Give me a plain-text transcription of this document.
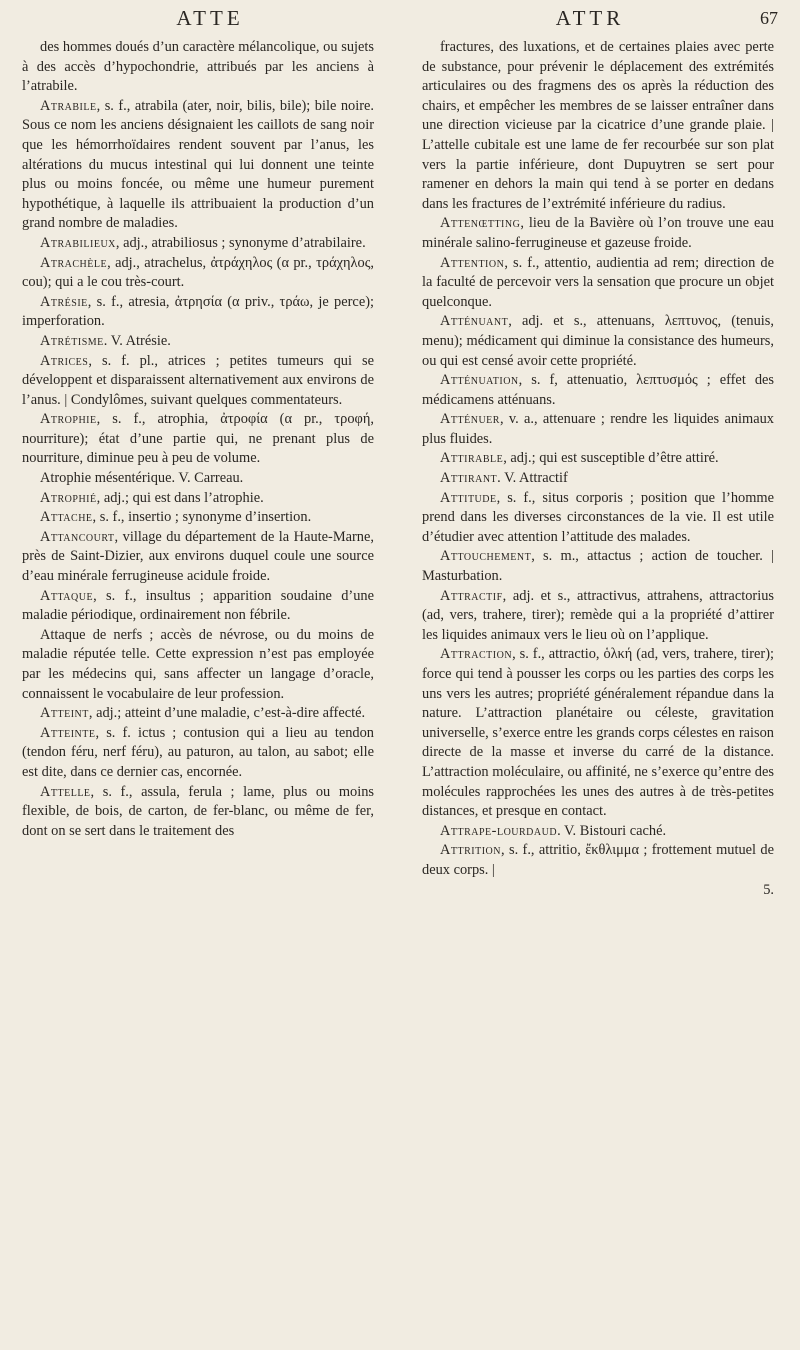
ATTE	ATTR	67

des hommes doués d’un caractère mélancolique, ou sujets à des accès d’hypochondrie, attribués par les anciens à l’atrabile.

Atrabile, s. f., atrabila (ater, noir, bilis, bile); bile noire. Sous ce nom les anciens désignaient les caillots de sang noir que les hémorrhoïdaires rendent souvent par l’anus, les altérations du mucus intestinal qui lui donnent une teinte plus ou moins foncée, ou même une humeur purement hypothétique, à laquelle ils attribuaient la production d’un grand nombre de maladies.

Atrabilieux, adj., atrabiliosus ; synonyme d’atrabilaire.

Atrachèle, adj., atrachelus, ἀτράχηλος (α pr., τράχηλος, cou); qui a le cou très-court.

Atrésie, s. f., atresia, ἀτρησία (α priv., τράω, je perce); imperforation.

Atrétisme. V. Atrésie.

Atrices, s. f. pl., atrices ; petites tumeurs qui se développent et disparaissent alternativement aux environs de l’anus. | Condylômes, suivant quelques commentateurs.

Atrophie, s. f., atrophia, ἀτροφία (α pr., τροφή, nourriture); état d’une partie qui, ne prenant plus de nourriture, diminue peu à peu de volume.

Atrophie mésentérique. V. Carreau.

Atrophié, adj.; qui est dans l’atrophie.

Attache, s. f., insertio ; synonyme d’insertion.

Attancourt, village du département de la Haute-Marne, près de Saint-Dizier, aux environs duquel coule une source d’eau minérale ferrugineuse acidule froide.

Attaque, s. f., insultus ; apparition soudaine d’une maladie périodique, ordinairement non fébrile.

Attaque de nerfs ; accès de névrose, ou du moins de maladie réputée telle. Cette expression n’est pas employée par les médecins qui, sans affecter un langage d’oracle, connaissent le vocabulaire de leur profession.

Atteint, adj.; atteint d’une maladie, c’est-à-dire affecté.

Atteinte, s. f. ictus ; contusion qui a lieu au tendon (tendon féru, nerf féru), au paturon, au talon, au sabot; elle est dite, dans ce dernier cas, encornée.

Attelle, s. f., assula, ferula ; lame, plus ou moins flexible, de bois, de carton, de fer-blanc, ou même de fer, dont on se sert dans le traitement des

fractures, des luxations, et de certaines plaies avec perte de substance, pour prévenir le déplacement des extrémités articulaires ou des fragmens des os après la réduction des chairs, et empêcher les membres de se laisser entraîner dans une direction vicieuse par la cicatrice d’une grande plaie. | L’attelle cubitale est une lame de fer recourbée sur son plat vers la partie inférieure, dont Dupuytren se sert pour ramener en dehors la main qui tend à se porter en dedans dans les fractures de l’extrémité inférieure du radius.

Attenœtting, lieu de la Bavière où l’on trouve une eau minérale salino-ferrugineuse et gazeuse froide.

Attention, s. f., attentio, audientia ad rem; direction de la faculté de percevoir vers la sensation que procure un objet quelconque.

Atténuant, adj. et s., attenuans, λεπτυνος, (tenuis, menu); médicament qui diminue la consistance des humeurs, ou qui est censé avoir cette propriété.

Atténuation, s. f, attenuatio, λεπτυσμός ; effet des médicamens atténuans.

Atténuer, v. a., attenuare ; rendre les liquides animaux plus fluides.

Attirable, adj.; qui est susceptible d’être attiré.

Attirant. V. Attractif

Attitude, s. f., situs corporis ; position que l’homme prend dans les diverses circonstances de la vie. Il est utile d’étudier avec attention l’attitude des malades.

Attouchement, s. m., attactus ; action de toucher. | Masturbation.

Attractif, adj. et s., attractivus, attrahens, attractorius (ad, vers, trahere, tirer); remède qui a la propriété d’attirer les liquides animaux vers le lieu où on l’applique.

Attraction, s. f., attractio, ὁλκή (ad, vers, trahere, tirer); force qui tend à pousser les corps ou les parties des corps les uns vers les autres; propriété généralement répandue dans la nature. L’attraction planétaire ou céleste, gravitation universelle, s’exerce entre les grands corps célestes en raison directe de la masse et inverse du carré de la distance. L’attraction moléculaire, ou affinité, ne s’exerce qu’entre des molécules rapprochées les unes des autres à de très-petites distances, et presque en contact.

Attrape-lourdaud. V. Bistouri caché.

Attrition, s. f., attritio, ἔκθλιμμα ; frottement mutuel de deux corps. |

5.
